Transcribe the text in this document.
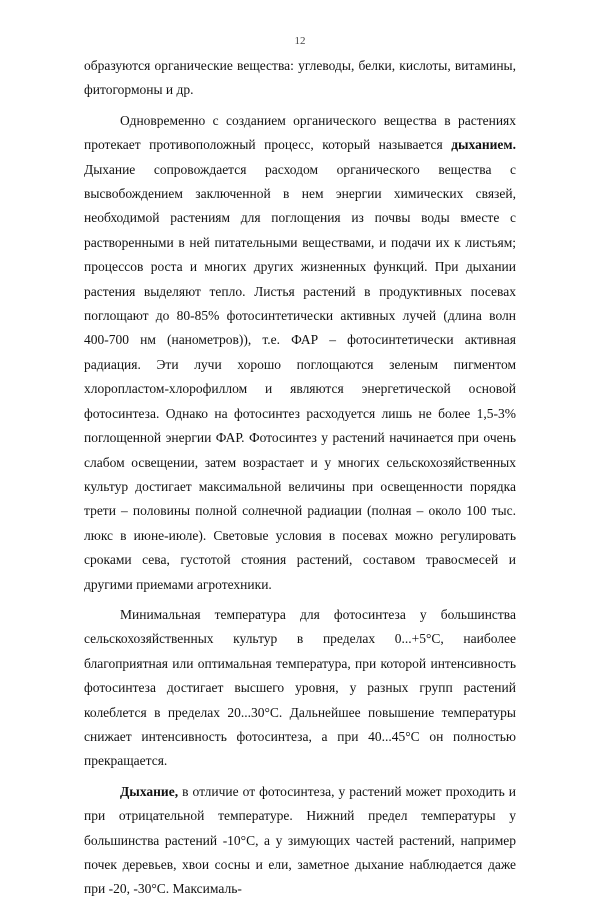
12

образуются органические вещества: углеводы, белки, кислоты, витамины, фитогормоны и др.

Одновременно с созданием органического вещества в растениях протекает противоположный процесс, который называется дыханием. Дыхание сопровождается расходом органического вещества с высвобождением заключенной в нем энергии химических связей, необходимой растениям для поглощения из почвы воды вместе с растворенными в ней питательными веществами, и подачи их к листьям; процессов роста и многих других жизненных функций. При дыхании растения выделяют тепло. Листья растений в продуктивных посевах поглощают до 80-85% фотосинтетически активных лучей (длина волн 400-700 нм (нанометров)), т.е. ФАР – фотосинтетически активная радиация. Эти лучи хорошо поглощаются зеленым пигментом хлоропластом-хлорофиллом и являются энергетической основой фотосинтеза. Однако на фотосинтез расходуется лишь не более 1,5-3% поглощенной энергии ФАР. Фотосинтез у растений начинается при очень слабом освещении, затем возрастает и у многих сельскохозяйственных культур достигает максимальной величины при освещенности порядка трети – половины полной солнечной радиации (полная – около 100 тыс. люкс в июне-июле). Световые условия в посевах можно регулировать сроками сева, густотой стояния растений, составом травосмесей и другими приемами агротехники.

Минимальная температура для фотосинтеза у большинства сельскохозяйственных культур в пределах 0...+5°С, наиболее благоприятная или оптимальная температура, при которой интенсивность фотосинтеза достигает высшего уровня, у разных групп растений колеблется в пределах 20...30°С. Дальнейшее повышение температуры снижает интенсивность фотосинтеза, а при 40...45°С он полностью прекращается.

Дыхание, в отличие от фотосинтеза, у растений может проходить и при отрицательной температуре. Нижний предел температуры у большинства растений -10°С, а у зимующих частей растений, например почек деревьев, хвои сосны и ели, заметное дыхание наблюдается даже при -20, -30°С. Максималь-
